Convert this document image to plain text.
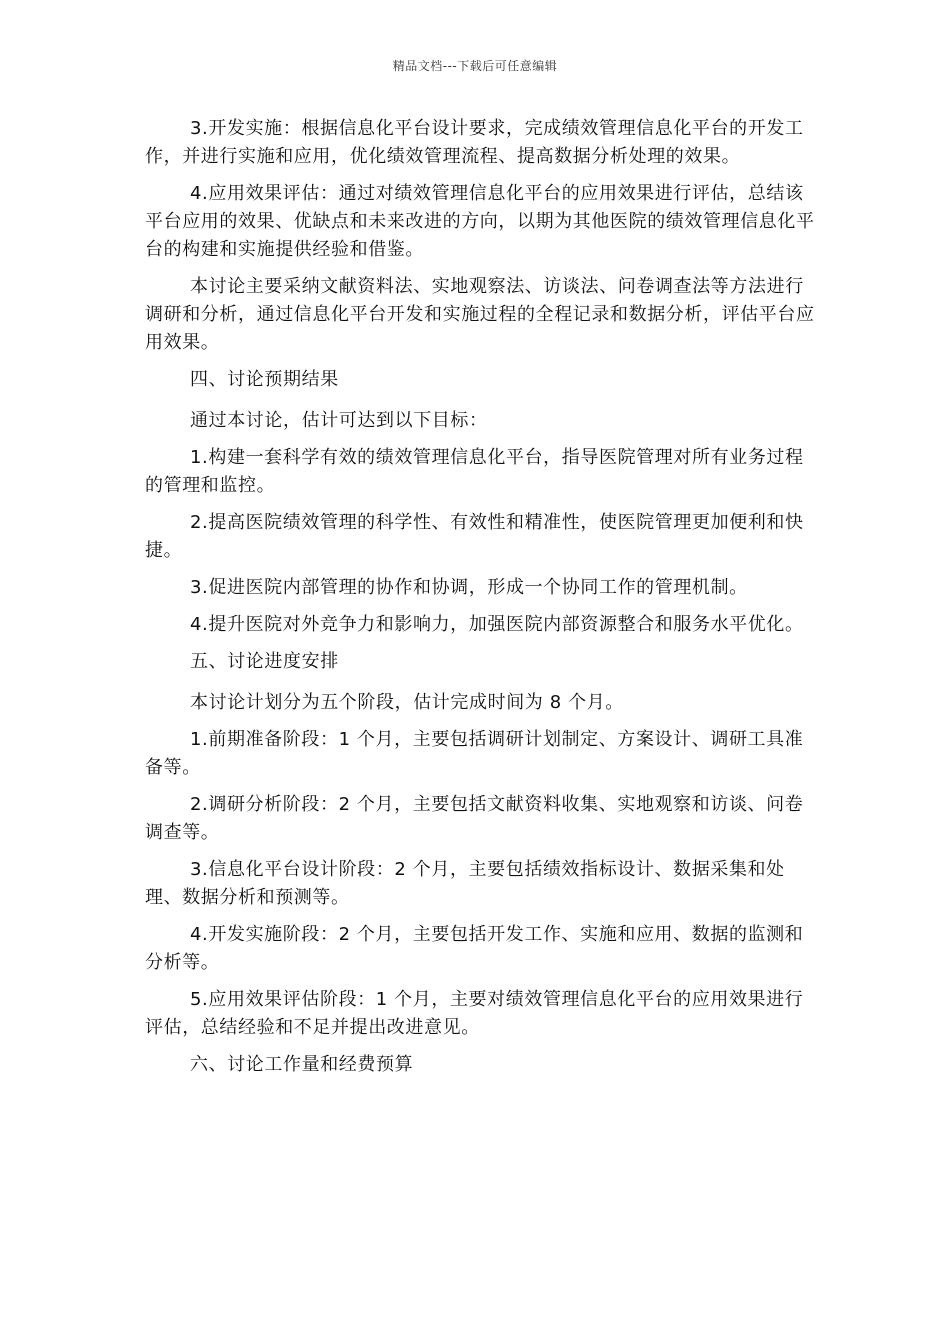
精品文档---下载后可任意编辑

3.开发实施：根据信息化平台设计要求，完成绩效管理信息化平台的开发工作，并进行实施和应用，优化绩效管理流程、提高数据分析处理的效果。

4.应用效果评估：通过对绩效管理信息化平台的应用效果进行评估，总结该平台应用的效果、优缺点和未来改进的方向，以期为其他医院的绩效管理信息化平台的构建和实施提供经验和借鉴。

本讨论主要采纳文献资料法、实地观察法、访谈法、问卷调查法等方法进行调研和分析，通过信息化平台开发和实施过程的全程记录和数据分析，评估平台应用效果。

四、讨论预期结果

通过本讨论，估计可达到以下目标：

1.构建一套科学有效的绩效管理信息化平台，指导医院管理对所有业务过程的管理和监控。

2.提高医院绩效管理的科学性、有效性和精准性，使医院管理更加便利和快捷。

3.促进医院内部管理的协作和协调，形成一个协同工作的管理机制。

4.提升医院对外竞争力和影响力，加强医院内部资源整合和服务水平优化。

五、讨论进度安排

本讨论计划分为五个阶段，估计完成时间为 8 个月。

1.前期准备阶段：1 个月，主要包括调研计划制定、方案设计、调研工具准备等。

2.调研分析阶段：2 个月，主要包括文献资料收集、实地观察和访谈、问卷调查等。

3.信息化平台设计阶段：2 个月，主要包括绩效指标设计、数据采集和处理、数据分析和预测等。

4.开发实施阶段：2 个月，主要包括开发工作、实施和应用、数据的监测和分析等。

5.应用效果评估阶段：1 个月，主要对绩效管理信息化平台的应用效果进行评估，总结经验和不足并提出改进意见。

六、讨论工作量和经费预算
